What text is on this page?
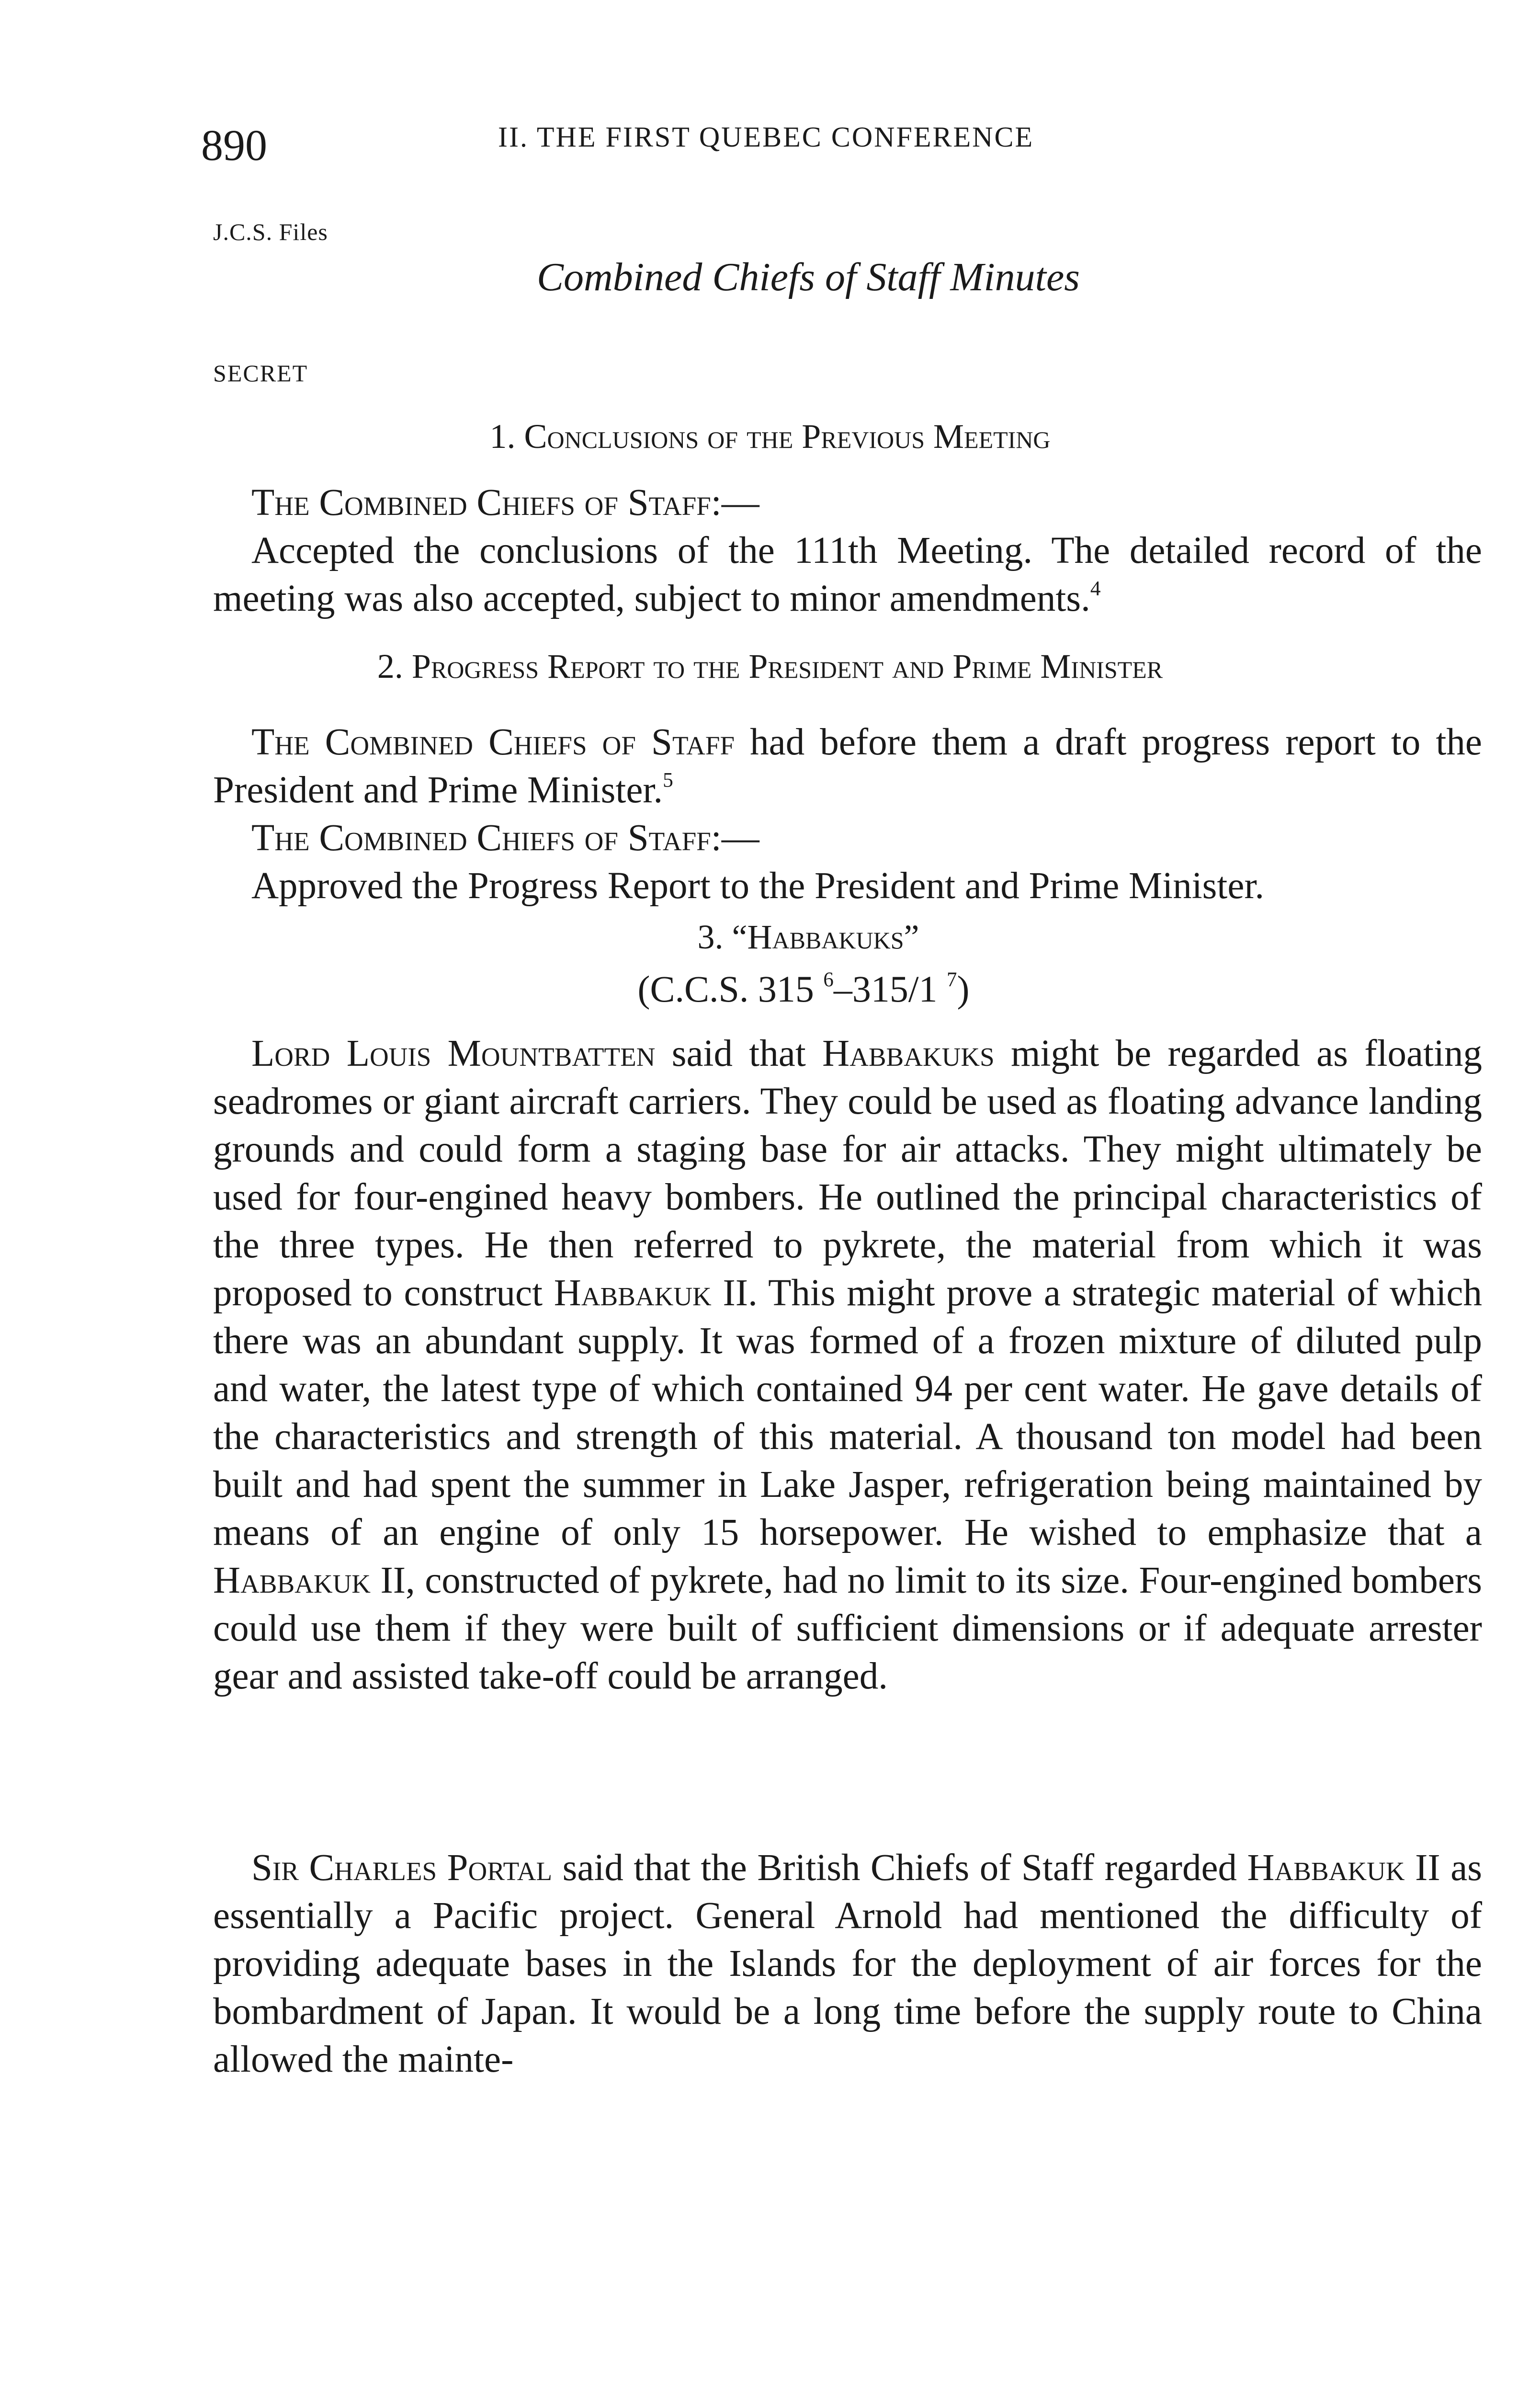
890	II. THE FIRST QUEBEC CONFERENCE
J.C.S. Files
Combined Chiefs of Staff Minutes
SECRET
1. Conclusions of the Previous Meeting

The Combined Chiefs of Staff:—

Accepted the conclusions of the 111th Meeting. The detailed record of the meeting was also accepted, subject to minor amendments.$^4$

2. Progress Report to the President and Prime Minister

The Combined Chiefs of Staff had before them a draft progress report to the President and Prime Minister.$^5$

The Combined Chiefs of Staff:—

Approved the Progress Report to the President and Prime Minister.

3. “Habbakuks”
(C.C.S. 315 $^6$–315/1 $^7$)

Lord Louis Mountbatten said that Habbakuks might be regarded as floating seadromes or giant aircraft carriers. They could be used as floating advance landing grounds and could form a staging base for air attacks. They might ultimately be used for four-engined heavy bombers. He outlined the principal characteristics of the three types. He then referred to pykrete, the material from which it was proposed to construct Habbakuk II. This might prove a strategic material of which there was an abundant supply. It was formed of a frozen mixture of diluted pulp and water, the latest type of which contained 94 per cent water. He gave details of the characteristics and strength of this material. A thousand ton model had been built and had spent the summer in Lake Jasper, refrigeration being maintained by means of an engine of only 15 horsepower. He wished to emphasize that a Habbakuk II, constructed of pykrete, had no limit to its size. Four-engined bombers could use them if they were built of sufficient dimensions or if adequate arrester gear and assisted take-off could be arranged.

Sir Charles Portal said that the British Chiefs of Staff regarded Habbakuk II as essentially a Pacific project. General Arnold had mentioned the difficulty of providing adequate bases in the Islands for the deployment of air forces for the bombardment of Japan. It would be a long time before the supply route to China allowed the mainte-
